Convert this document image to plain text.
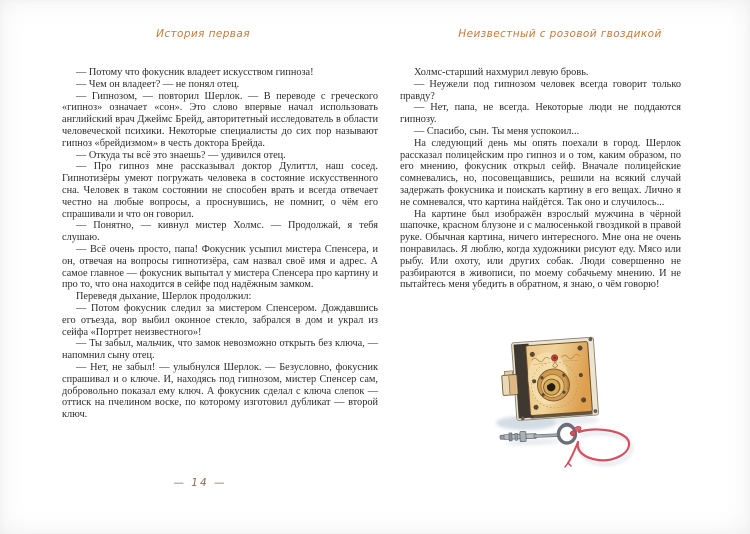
История первая

— Потому что фокусник владеет искусством гипноза!

— Чем он владеет? — не понял отец.

— Гипнозом, — повторил Шерлок. — В переводе с греческого «гипноз» означает «сон». Это слово впервые начал использовать английский врач Джеймс Брейд, авторитетный исследователь в области человеческой психики. Некоторые специалисты до сих пор называют гипноз «брейдизмом» в честь доктора Брейда.

— Откуда ты всё это знаешь? — удивился отец.

— Про гипноз мне рассказывал доктор Дулиттл, наш сосед. Гипнотизёры умеют погружать человека в состояние искусственного сна. Человек в таком состоянии не способен врать и всегда отвечает честно на любые вопросы, а проснувшись, не помнит, о чём его спрашивали и что он говорил.

— Понятно, — кивнул мистер Холмс. — Продолжай, я тебя слушаю.

— Всё очень просто, папа! Фокусник усыпил мистера Спенсера, и он, отвечая на вопросы гипнотизёра, сам назвал своё имя и адрес. А самое главное — фокусник выпытал у мистера Спенсера про картину и про то, что она находится в сейфе под надёжным замком.

Переведя дыхание, Шерлок продолжил:

— Потом фокусник следил за мистером Спенсером. Дождавшись его отъезда, вор выбил оконное стекло, забрался в дом и украл из сейфа «Портрет неизвестного»!

— Ты забыл, мальчик, что замок невозможно открыть без ключа, — напомнил сыну отец.

— Нет, не забыл! — улыбнулся Шерлок. — Безусловно, фокусник спрашивал и о ключе. И, находясь под гипнозом, мистер Спенсер сам, добровольно показал ему ключ. А фокусник сделал с ключа слепок — оттиск на пчелином воске, по которому изготовил дубликат — второй ключ.

— 14 —
Неизвестный с розовой гвоздикой

Холмс-старший нахмурил левую бровь.

— Неужели под гипнозом человек всегда говорит только правду?

— Нет, папа, не всегда. Некоторые люди не поддаются гипнозу.

— Спасибо, сын. Ты меня успокоил...

На следующий день мы опять поехали в город. Шерлок рассказал полицейским про гипноз и о том, каким образом, по его мнению, фокусник открыл сейф. Вначале полицейские сомневались, но, посовещавшись, решили на всякий случай задержать фокусника и поискать картину в его вещах. Лично я не сомневался, что картина найдётся. Так оно и случилось...

На картине был изображён взрослый мужчина в чёрной шапочке, красном блузоне и с малюсенькой гвоздикой в правой руке. Обычная картина, ничего интересного. Мне она не очень понравилась. Я люблю, когда художники рисуют еду. Мясо или рыбу. Или охоту, или других собак. Люди совершенно не разбираются в живописи, по моему собачьему мнению. И не пытайтесь меня убедить в обратном, я знаю, о чём говорю!
